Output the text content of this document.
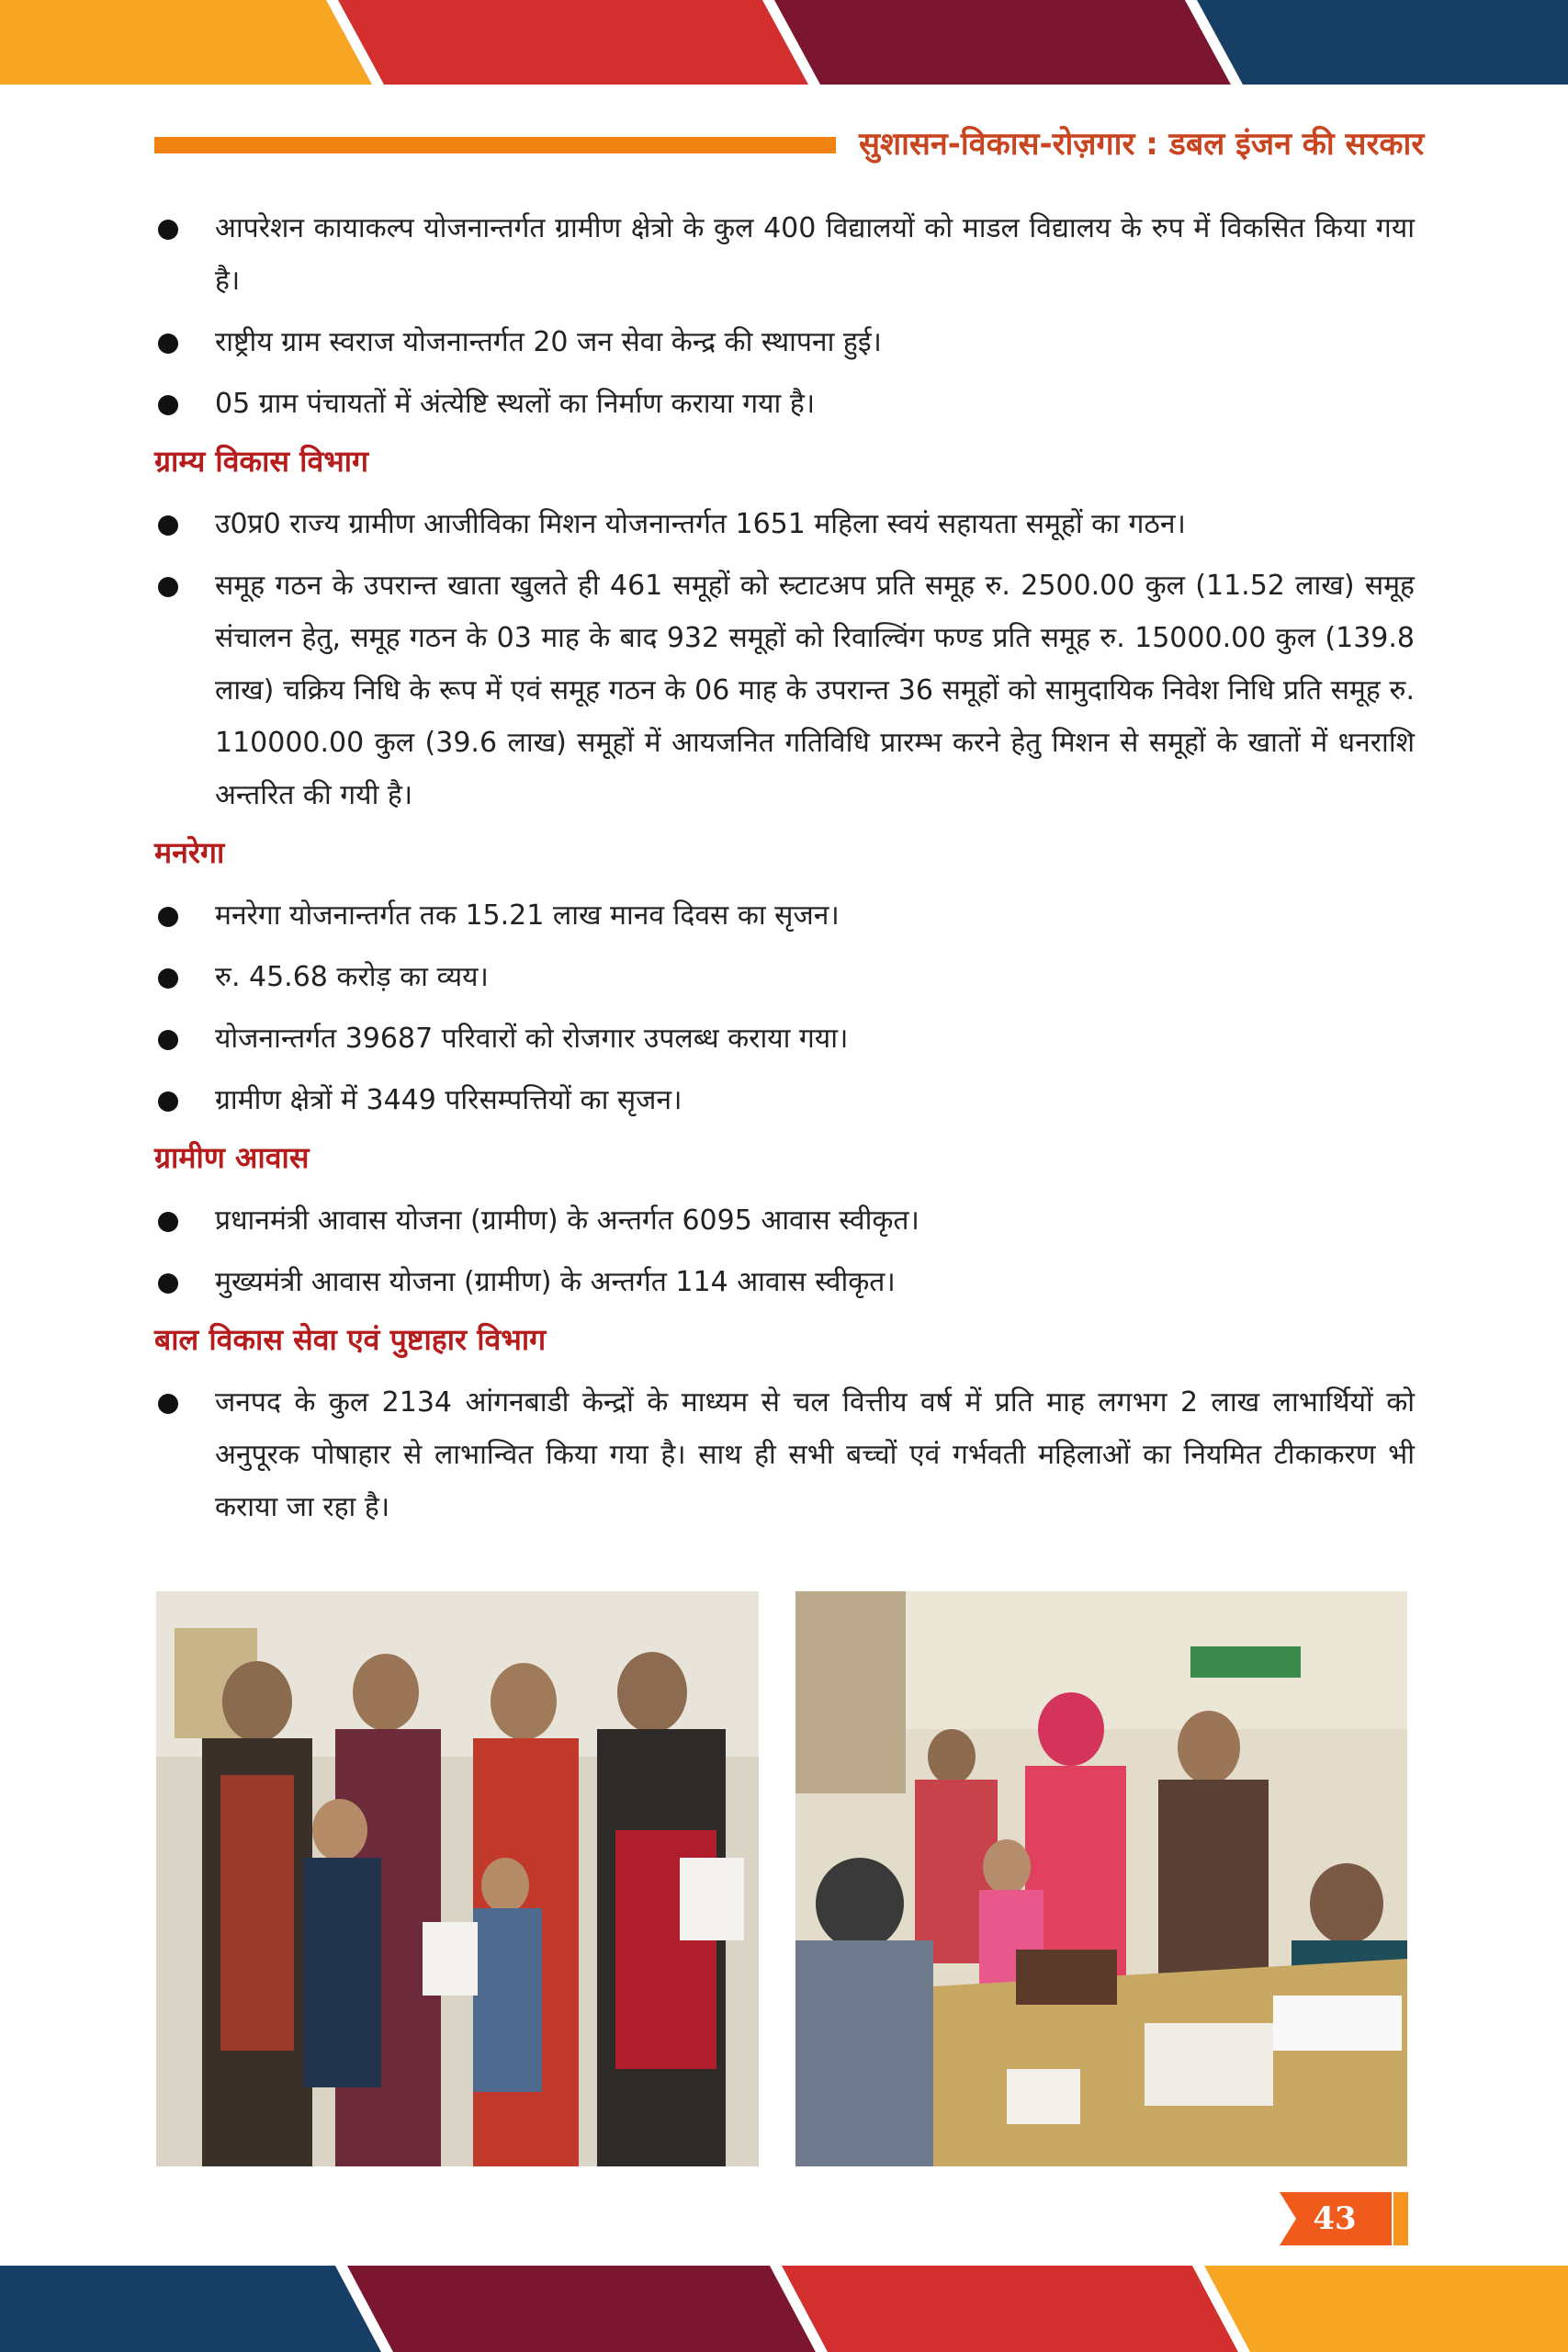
सुशासन-विकास-रोज़गार : डबल इंजन की सरकार
आपरेशन कायाकल्प योजनान्तर्गत ग्रामीण क्षेत्रो के कुल 400 विद्यालयों को माडल विद्यालय के रुप में विकसित किया गया है।
राष्ट्रीय ग्राम स्वराज योजनान्तर्गत 20 जन सेवा केन्द्र की स्थापना हुई।
05 ग्राम पंचायतों में अंत्येष्टि स्थलों का निर्माण कराया गया है।
ग्राम्य विकास विभाग
उ0प्र0 राज्य ग्रामीण आजीविका मिशन योजनान्तर्गत 1651 महिला स्वयं सहायता समूहों का गठन।
समूह गठन के उपरान्त खाता खुलते ही 461 समूहों को स्र्टाटअप प्रति समूह रु. 2500.00 कुल (11.52 लाख) समूह संचालन हेतु, समूह गठन के 03 माह के बाद 932 समूहों को रिवाल्विंग फण्ड प्रति समूह रु. 15000.00 कुल (139.8 लाख) चक्रिय निधि के रूप में एवं समूह गठन के 06 माह के उपरान्त 36 समूहों को सामुदायिक निवेश निधि प्रति समूह रु. 110000.00 कुल (39.6 लाख) समूहों में आयजनित गतिविधि प्रारम्भ करने हेतु मिशन से समूहों के खातों में धनराशि अन्तरित की गयी है।
मनरेगा
मनरेगा योजनान्तर्गत तक 15.21 लाख मानव दिवस का सृजन।
रु. 45.68 करोड़ का व्यय।
योजनान्तर्गत 39687 परिवारों को रोजगार उपलब्ध कराया गया।
ग्रामीण क्षेत्रों में 3449 परिसम्पत्तियों का सृजन।
ग्रामीण आवास
प्रधानमंत्री आवास योजना (ग्रामीण) के अन्तर्गत 6095 आवास स्वीकृत।
मुख्यमंत्री आवास योजना (ग्रामीण) के अन्तर्गत 114 आवास स्वीकृत।
बाल विकास सेवा एवं पुष्टाहार विभाग
जनपद के कुल 2134 आंगनबाडी केन्द्रों के माध्यम से चल वित्तीय वर्ष में प्रति माह लगभग 2 लाख लाभार्थियों को अनुपूरक पोषाहार से लाभान्वित किया गया है। साथ ही सभी बच्चों एवं गर्भवती महिलाओं का नियमित टीकाकरण भी कराया जा रहा है।
43
